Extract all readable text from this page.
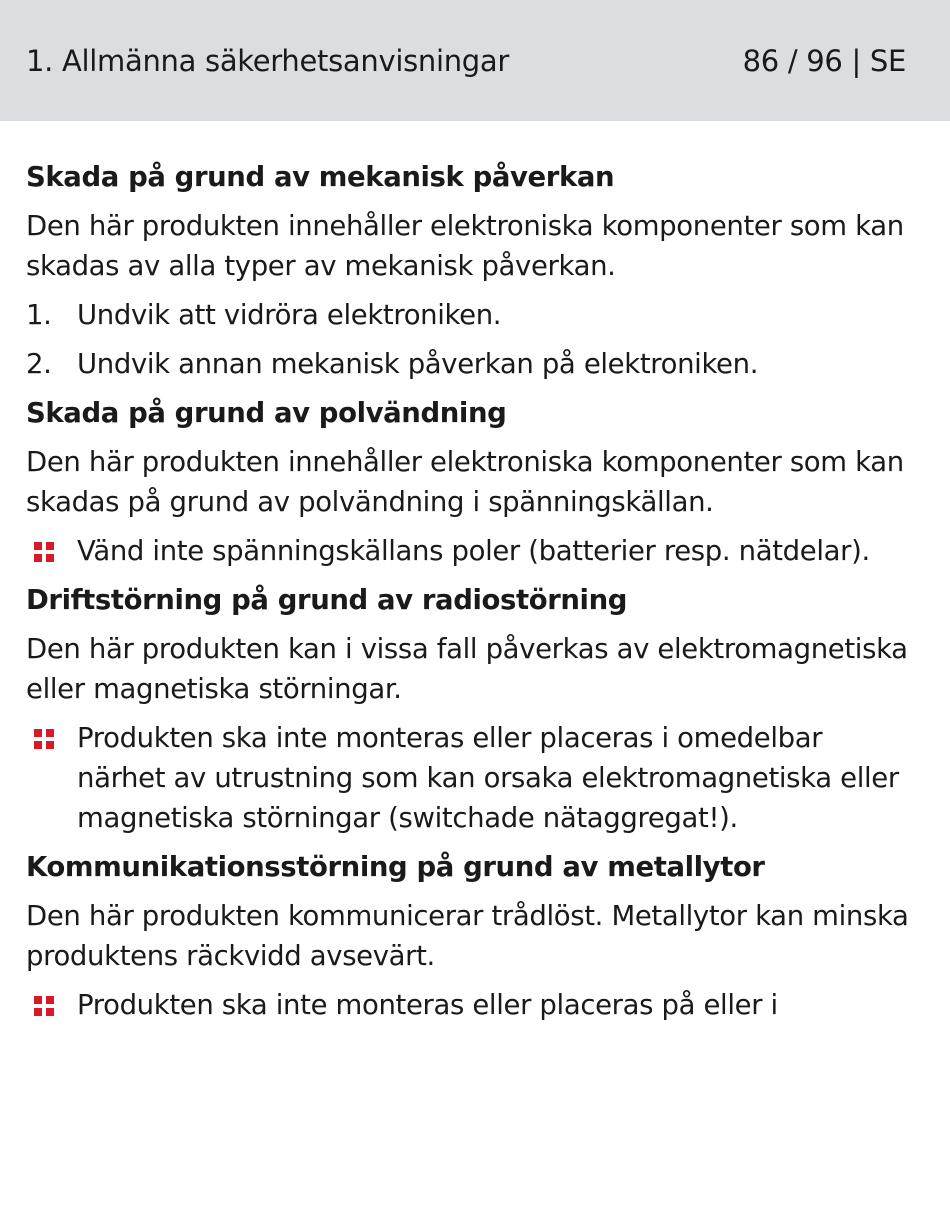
1. Allmänna säkerhetsanvisningar	86 / 96 | SE
Skada på grund av mekanisk påverkan
Den här produkten innehåller elektroniska komponenter som kan skadas av alla typer av mekanisk påverkan.
1. Undvik att vidröra elektroniken.
2. Undvik annan mekanisk påverkan på elektroniken.
Skada på grund av polvändning
Den här produkten innehåller elektroniska komponenter som kan skadas på grund av polvändning i spänningskällan.
Vänd inte spänningskällans poler (batterier resp. nätdelar).
Driftstörning på grund av radiostörning
Den här produkten kan i vissa fall påverkas av elektromagnetiska eller magnetiska störningar.
Produkten ska inte monteras eller placeras i omedelbar närhet av utrustning som kan orsaka elektromagnetiska eller magnetiska störningar (switchade nätaggregat!).
Kommunikationsstörning på grund av metallytor
Den här produkten kommunicerar trådlöst. Metallytor kan minska produktens räckvidd avsevärt.
Produkten ska inte monteras eller placeras på eller i
